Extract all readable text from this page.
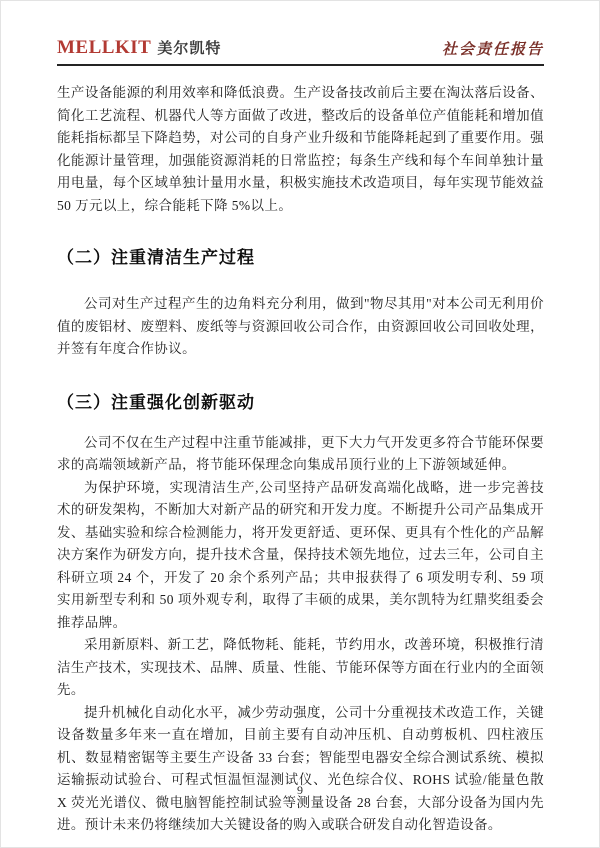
MELLKIT 美尔凯特	社会责任报告

生产设备能源的利用效率和降低浪费。生产设备技改前后主要在淘汰落后设备、简化工艺流程、机器代人等方面做了改进，整改后的设备单位产值能耗和增加值能耗指标都呈下降趋势，对公司的自身产业升级和节能降耗起到了重要作用。强化能源计量管理，加强能资源消耗的日常监控；每条生产线和每个车间单独计量用电量，每个区域单独计量用水量，积极实施技术改造项目，每年实现节能效益 50 万元以上，综合能耗下降 5%以上。

（二）注重清洁生产过程

公司对生产过程产生的边角料充分利用，做到"物尽其用"对本公司无利用价值的废铝材、废塑料、废纸等与资源回收公司合作，由资源回收公司回收处理，并签有年度合作协议。

（三）注重强化创新驱动

公司不仅在生产过程中注重节能减排，更下大力气开发更多符合节能环保要求的高端领域新产品，将节能环保理念向集成吊顶行业的上下游领域延伸。

为保护环境，实现清洁生产,公司坚持产品研发高端化战略，进一步完善技术的研发架构，不断加大对新产品的研究和开发力度。不断提升公司产品集成开发、基础实验和综合检测能力，将开发更舒适、更环保、更具有个性化的产品解决方案作为研发方向，提升技术含量，保持技术领先地位，过去三年，公司自主科研立项 24 个，开发了 20 余个系列产品；共申报获得了 6 项发明专利、59 项实用新型专利和 50 项外观专利，取得了丰硕的成果，美尔凯特为红鼎奖组委会推荐品牌。

采用新原料、新工艺，降低物耗、能耗，节约用水，改善环境，积极推行清洁生产技术，实现技术、品牌、质量、性能、节能环保等方面在行业内的全面领先。

提升机械化自动化水平，减少劳动强度，公司十分重视技术改造工作，关键设备数量多年来一直在增加，目前主要有自动冲压机、自动剪板机、四柱液压机、数显精密锯等主要生产设备 33 台套；智能型电器安全综合测试系统、模拟运输振动试验台、可程式恒温恒湿测试仪、光色综合仪、ROHS 试验/能量色散 X 荧光光谱仪、微电脑智能控制试验等测量设备 28 台套，大部分设备为国内先进。预计未来仍将继续加大关键设备的购入或联合研发自动化智造设备。

9
